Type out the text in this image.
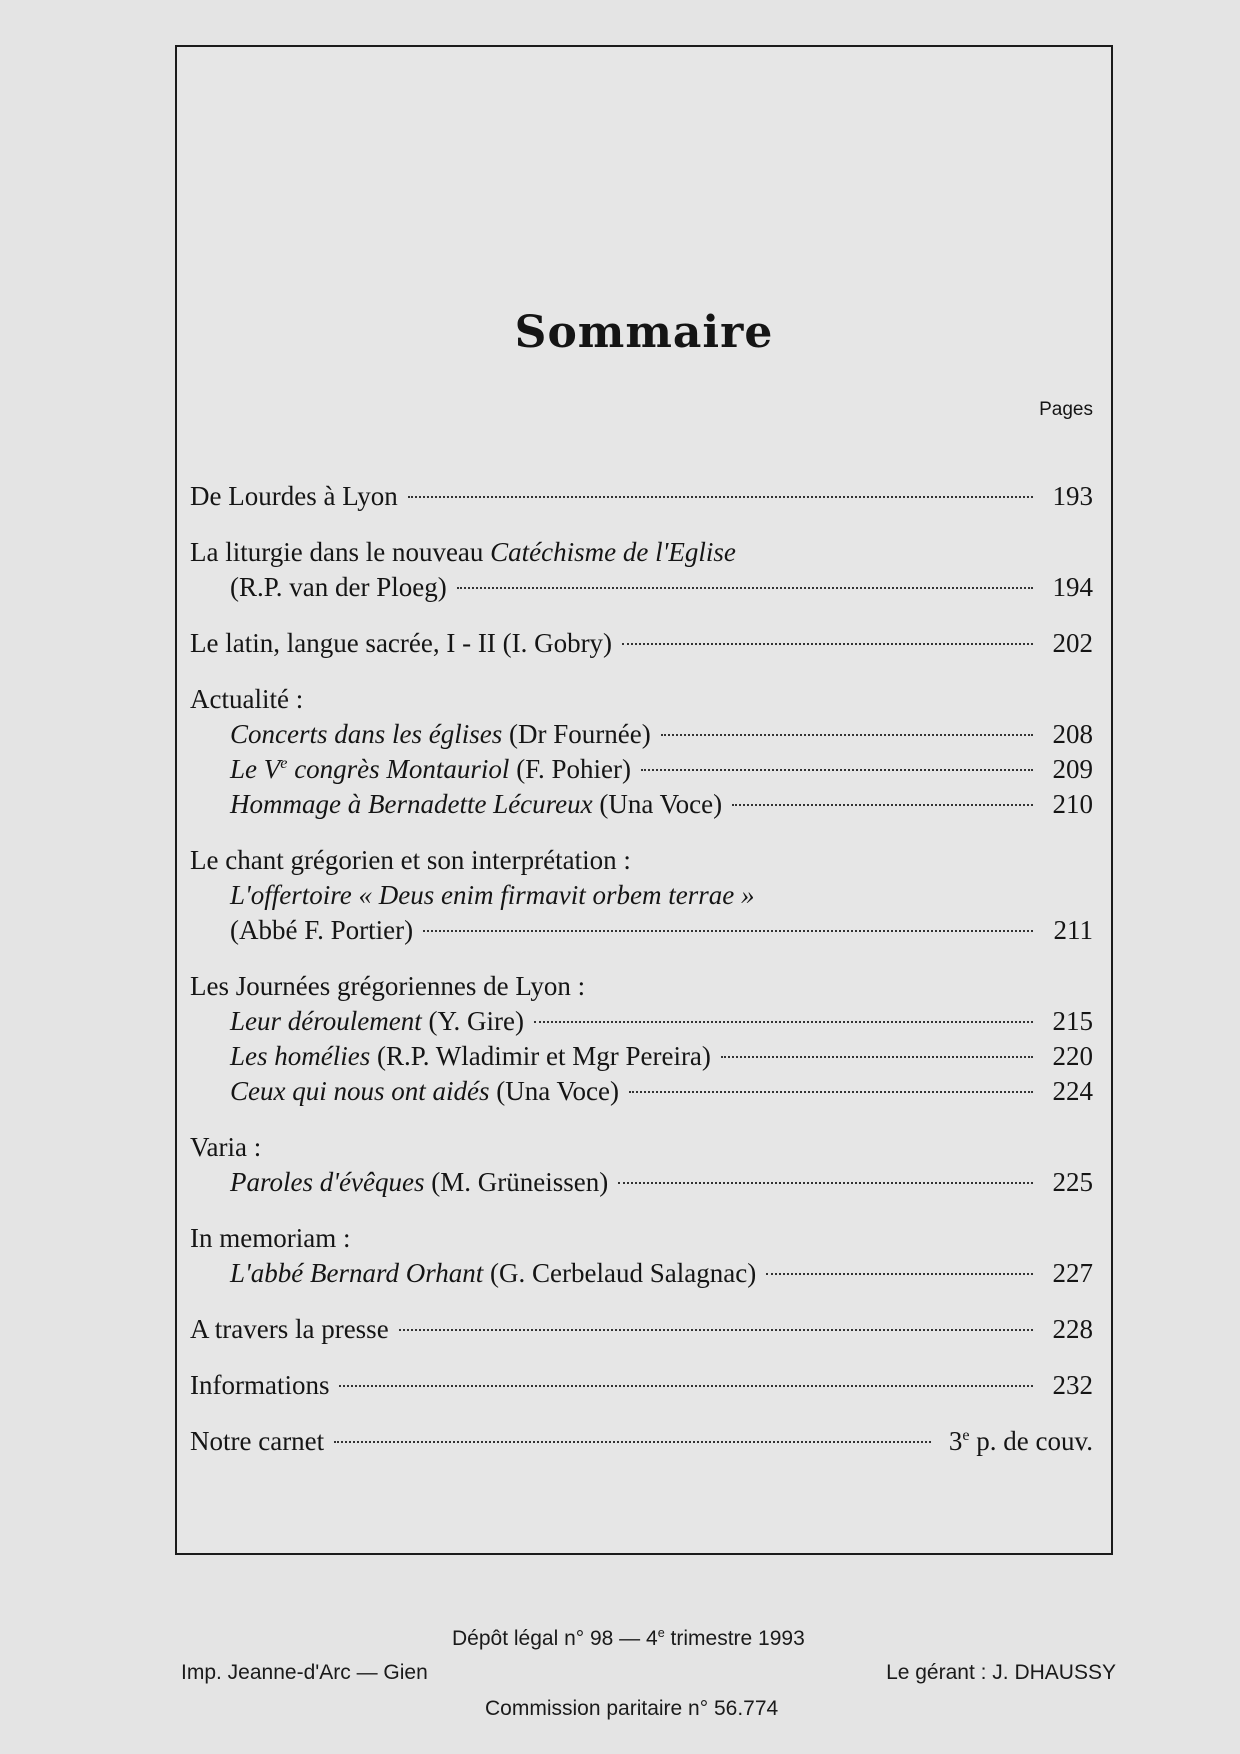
Sommaire
Pages
De Lourdes à Lyon	193
La liturgie dans le nouveau Catéchisme de l'Eglise
(R.P. van der Ploeg)	194
Le latin, langue sacrée, I - II (I. Gobry)	202
Actualité :
Concerts dans les églises (Dr Fournée)	208
Le Ve congrès Montauriol (F. Pohier)	209
Hommage à Bernadette Lécureux (Una Voce)	210
Le chant grégorien et son interprétation :
L'offertoire « Deus enim firmavit orbem terrae »
(Abbé F. Portier)	211
Les Journées grégoriennes de Lyon :
Leur déroulement (Y. Gire)	215
Les homélies (R.P. Wladimir et Mgr Pereira)	220
Ceux qui nous ont aidés (Una Voce)	224
Varia :
Paroles d'évêques (M. Grüneissen)	225
In memoriam :
L'abbé Bernard Orhant (G. Cerbelaud Salagnac)	227
A travers la presse	228
Informations	232
Notre carnet	3e p. de couv.
Dépôt légal n° 98 — 4e trimestre 1993
Imp. Jeanne-d'Arc — Gien	Le gérant : J. DHAUSSY
Commission paritaire n° 56.774
